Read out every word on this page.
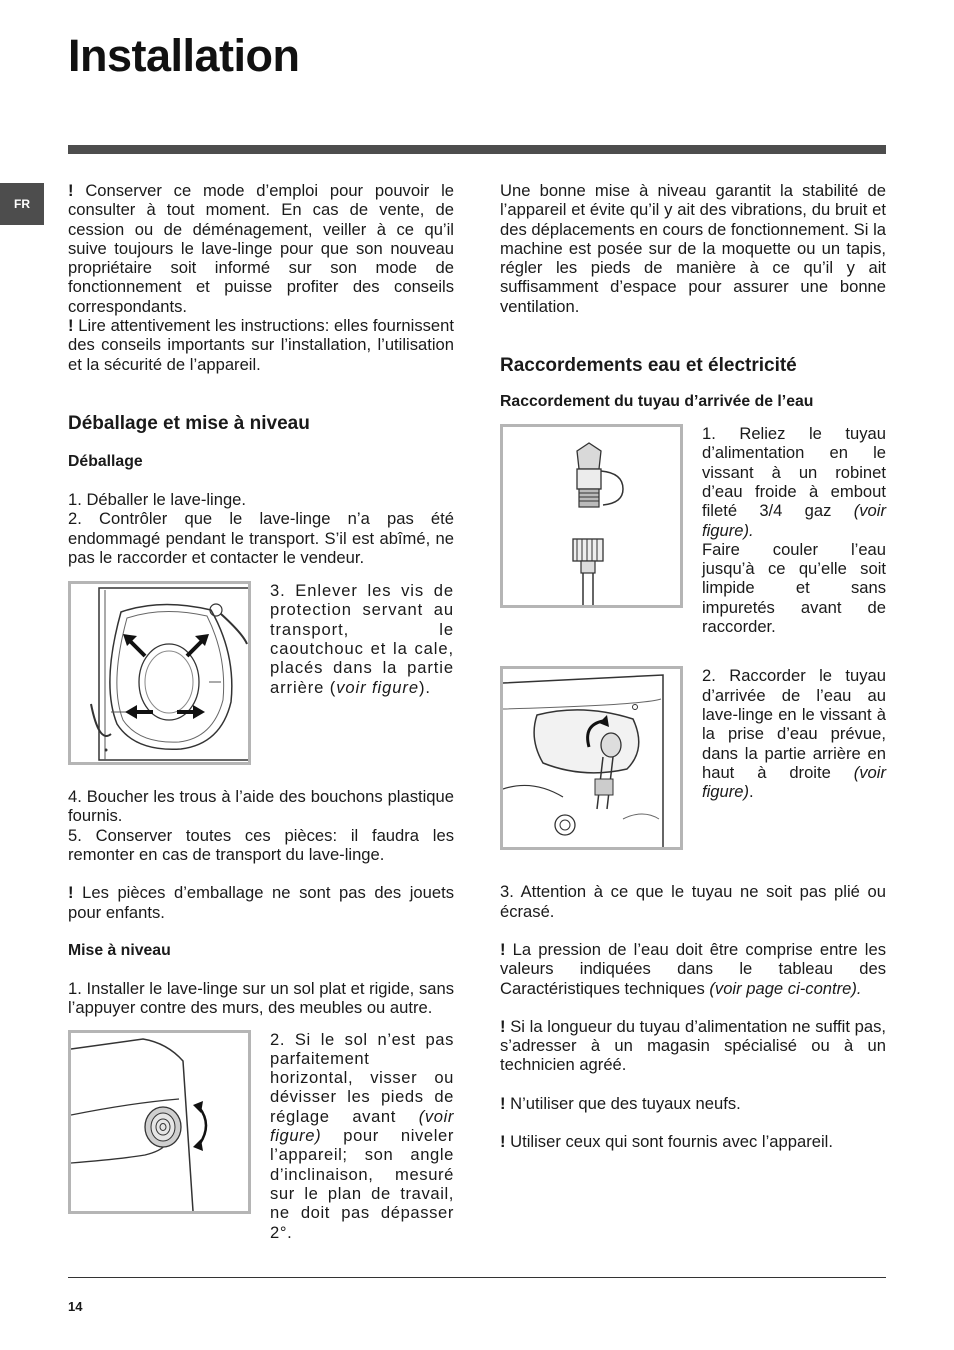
Installation
FR

! Conserver ce mode d’emploi pour pouvoir le consulter à tout moment. En cas de vente, de cession ou de déménagement, veiller à ce qu’il suive toujours le lave-linge pour que son nouveau propriétaire soit informé sur son mode de fonctionnement et puisse profiter des conseils correspondants.

! Lire attentivement les instructions: elles fournissent des conseils importants sur l’installation, l’utilisation et la sécurité de l’appareil.

Déballage et mise à niveau
Déballage

1. Déballer le lave-linge.

2. Contrôler que le lave-linge n’a pas été endommagé pendant le transport. S’il est abîmé, ne pas le raccorder et contacter le vendeur.

3. Enlever les vis de protection servant au transport, le caoutchouc et la cale, placés dans la partie arrière (voir figure).

4. Boucher les trous à l’aide des bouchons plastique fournis.

5. Conserver toutes ces pièces: il faudra les remonter en cas de transport du lave-linge.

! Les pièces d’emballage ne sont pas des jouets pour enfants.

Mise à niveau

1. Installer le lave-linge sur un sol plat et rigide, sans l’appuyer contre des murs, des meubles ou autre.

2. Si le sol n’est pas parfaitement horizontal, visser ou dévisser les pieds de réglage avant (voir figure) pour niveler l’appareil; son angle d’inclinaison, mesuré sur le plan de travail, ne doit pas dépasser 2°.

Une bonne mise à niveau garantit la stabilité de l’appareil et évite qu’il y ait des vibrations, du bruit et des déplacements en cours de fonctionnement. Si la machine est posée sur de la moquette ou un tapis, régler les pieds de manière à ce qu’il y ait suffisamment d’espace pour assurer une bonne ventilation.

Raccordements eau et électricité
Raccordement du tuyau d’arrivée de l’eau

1. Reliez le tuyau d’alimentation en le vissant à un robinet d’eau froide à embout fileté 3/4 gaz (voir figure).

Faire couler l’eau jusqu’à ce qu’elle soit limpide et sans impuretés avant de raccorder.

2. Raccorder le tuyau d’arrivée de l’eau au lave-linge en le vissant à la prise d’eau prévue, dans la partie arrière en haut à droite (voir figure).

3. Attention à ce que le tuyau ne soit pas plié ou écrasé.

! La pression de l’eau doit être comprise entre les valeurs indiquées dans le tableau des Caractéristiques techniques (voir page ci-contre).

! Si la longueur du tuyau d’alimentation ne suffit pas, s’adresser à un magasin spécialisé ou à un technicien agréé.

! N’utiliser que des tuyaux neufs.

! Utiliser ceux qui sont fournis avec l’appareil.

14
